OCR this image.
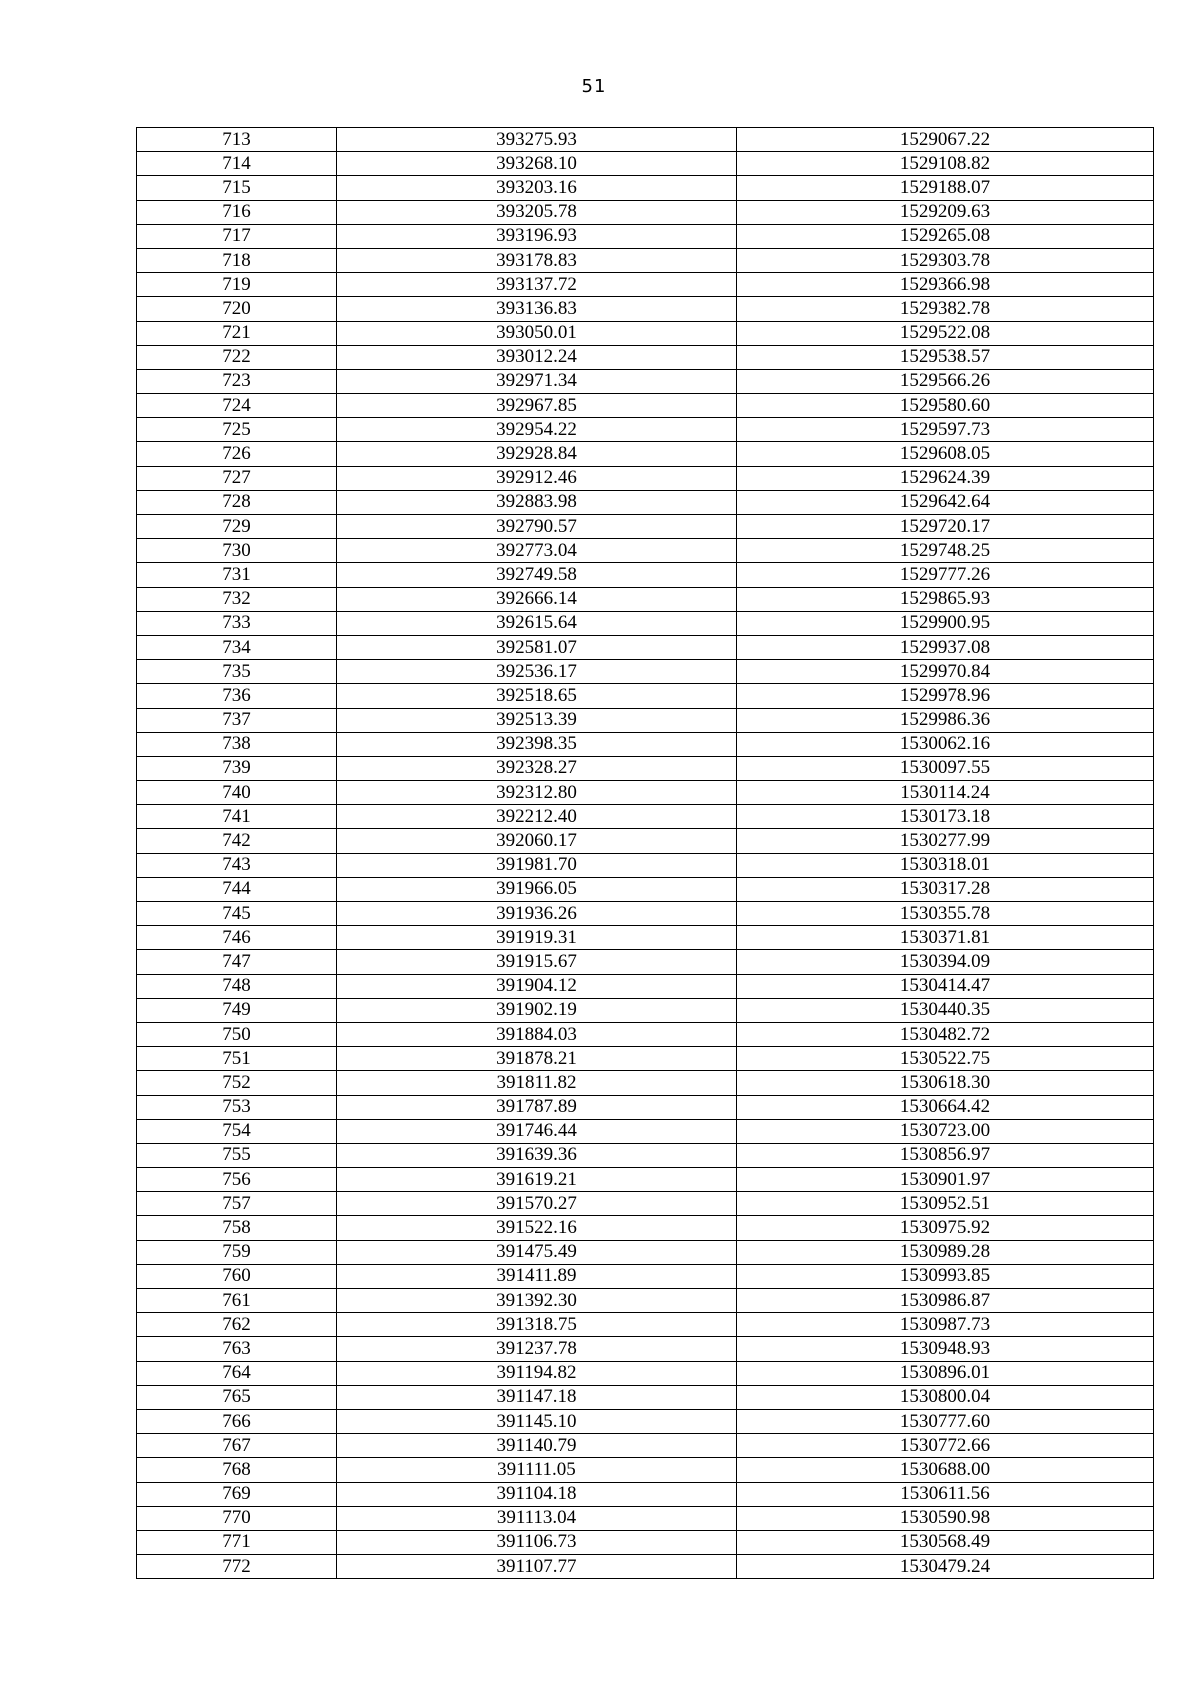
51
713	393275.93	1529067.22
714	393268.10	1529108.82
715	393203.16	1529188.07
716	393205.78	1529209.63
717	393196.93	1529265.08
718	393178.83	1529303.78
719	393137.72	1529366.98
720	393136.83	1529382.78
721	393050.01	1529522.08
722	393012.24	1529538.57
723	392971.34	1529566.26
724	392967.85	1529580.60
725	392954.22	1529597.73
726	392928.84	1529608.05
727	392912.46	1529624.39
728	392883.98	1529642.64
729	392790.57	1529720.17
730	392773.04	1529748.25
731	392749.58	1529777.26
732	392666.14	1529865.93
733	392615.64	1529900.95
734	392581.07	1529937.08
735	392536.17	1529970.84
736	392518.65	1529978.96
737	392513.39	1529986.36
738	392398.35	1530062.16
739	392328.27	1530097.55
740	392312.80	1530114.24
741	392212.40	1530173.18
742	392060.17	1530277.99
743	391981.70	1530318.01
744	391966.05	1530317.28
745	391936.26	1530355.78
746	391919.31	1530371.81
747	391915.67	1530394.09
748	391904.12	1530414.47
749	391902.19	1530440.35
750	391884.03	1530482.72
751	391878.21	1530522.75
752	391811.82	1530618.30
753	391787.89	1530664.42
754	391746.44	1530723.00
755	391639.36	1530856.97
756	391619.21	1530901.97
757	391570.27	1530952.51
758	391522.16	1530975.92
759	391475.49	1530989.28
760	391411.89	1530993.85
761	391392.30	1530986.87
762	391318.75	1530987.73
763	391237.78	1530948.93
764	391194.82	1530896.01
765	391147.18	1530800.04
766	391145.10	1530777.60
767	391140.79	1530772.66
768	391111.05	1530688.00
769	391104.18	1530611.56
770	391113.04	1530590.98
771	391106.73	1530568.49
772	391107.77	1530479.24
